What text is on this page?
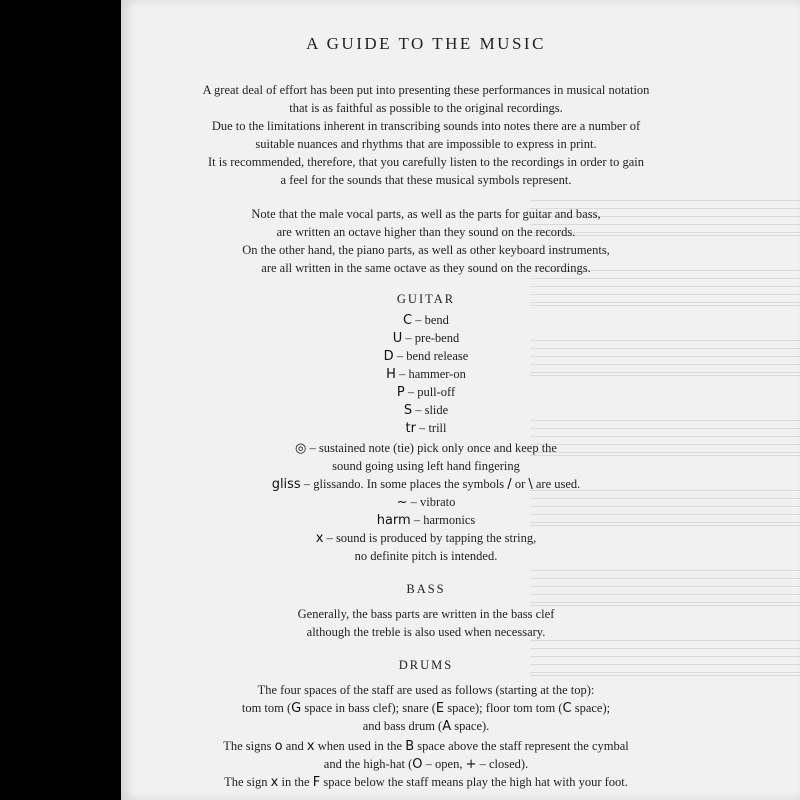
A GUIDE TO THE MUSIC
A great deal of effort has been put into presenting these performances in musical notation
that is as faithful as possible to the original recordings.
Due to the limitations inherent in transcribing sounds into notes there are a number of
suitable nuances and rhythms that are impossible to express in print.
It is recommended, therefore, that you carefully listen to the recordings in order to gain
a feel for the sounds that these musical symbols represent.
Note that the male vocal parts, as well as the parts for guitar and bass,
are written an octave higher than they sound on the records.
On the other hand, the piano parts, as well as other keyboard instruments,
are all written in the same octave as they sound on the recordings.
GUITAR
C – bend
U – pre-bend
D – bend release
H – hammer-on
P – pull-off
S – slide
tr – trill
◎ – sustained note (tie) pick only once and keep the
sound going using left hand fingering
gliss – glissando. In some places the symbols / or \ are used.
~ – vibrato
harm – harmonics
x – sound is produced by tapping the string,
no definite pitch is intended.
BASS
Generally, the bass parts are written in the bass clef
although the treble is also used when necessary.
DRUMS
The four spaces of the staff are used as follows (starting at the top):
tom tom (G space in bass clef); snare (E space); floor tom tom (C space);
and bass drum (A space).
The signs o and x when used in the B space above the staff represent the cymbal
and the high-hat (O – open, + – closed).
The sign x in the F space below the staff means play the high hat with your foot.
